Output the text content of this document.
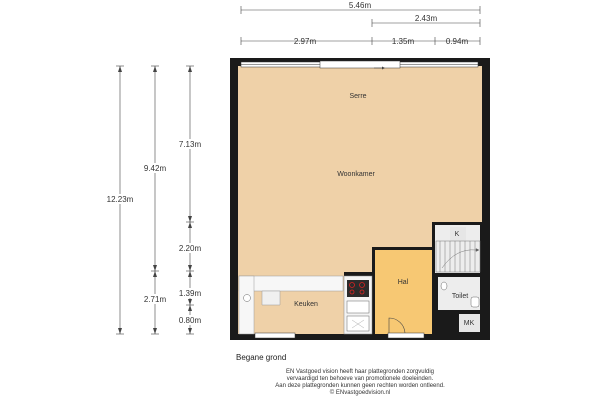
5.46m
2.43m
2.97m	1.35m	0.94m
12.23m
9.42m
2.71m
7.13m
2.20m
1.39m
0.80m
Serre
Woonkamer
Keuken
Hal
Toilet
K
MK
Begane grond
EN Vastgoed vision heeft haar plattegronden zorgvuldig
vervaardigd ten behoeve van promotionele doeleinden.
Aan deze plattegronden kunnen geen rechten worden ontleend.
© ENvastgoedvision.nl
